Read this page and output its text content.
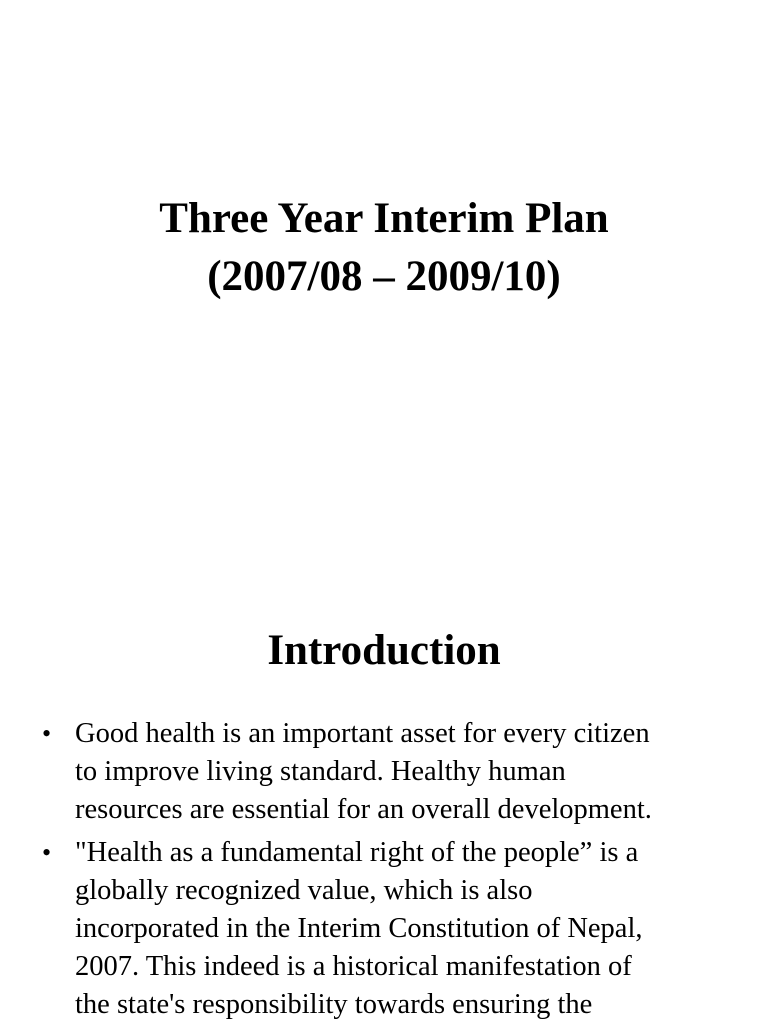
Three Year Interim Plan
(2007/08 – 2009/10)
Introduction
• Good health is an important asset for every citizen
to improve living standard. Healthy human
resources are essential for an overall development.
• "Health as a fundamental right of the people” is a
globally recognized value, which is also
incorporated in the Interim Constitution of Nepal,
2007. This indeed is a historical manifestation of
the state's responsibility towards ensuring the
